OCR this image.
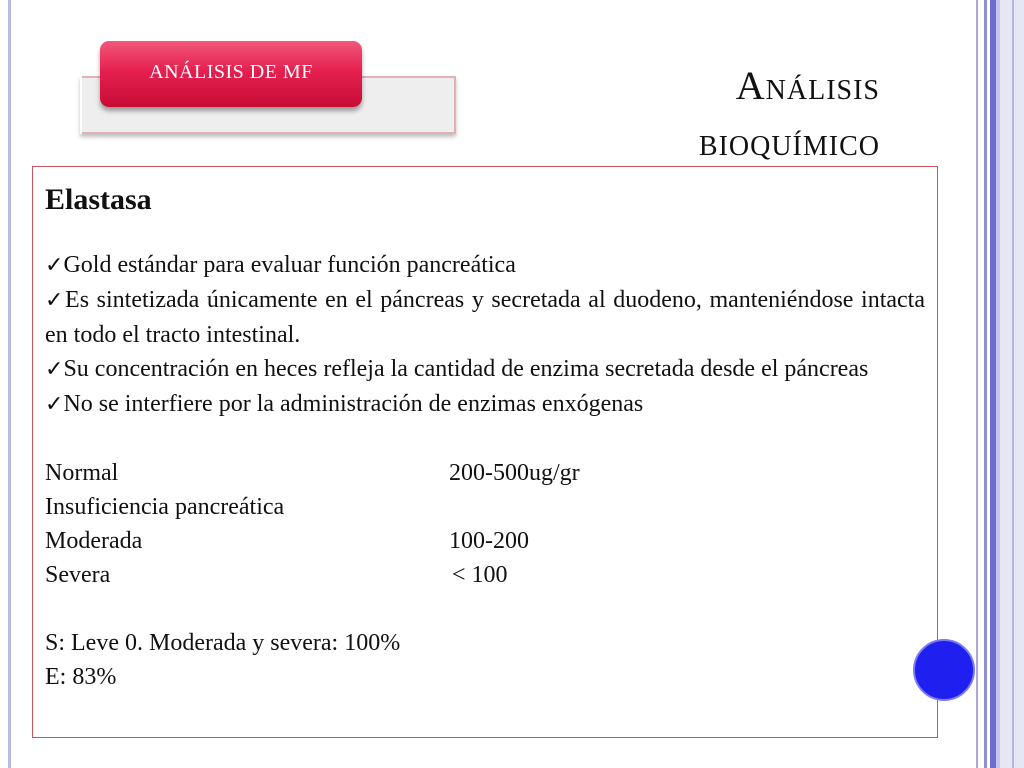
ANÁLISIS DE MF	Análisis
bioquímico
Elastasa
✓Gold estándar para evaluar función pancreática
✓Es sintetizada únicamente en el páncreas y secretada al duodeno, manteniéndose intacta en todo el tracto intestinal.
✓Su concentración en heces refleja la cantidad de enzima secretada desde el páncreas
✓No se interfiere por la administración de enzimas enxógenas
Normal	200-500ug/gr
Insuficiencia pancreática
Moderada	100-200
Severa	< 100
S: Leve 0. Moderada y severa: 100%
E: 83%
